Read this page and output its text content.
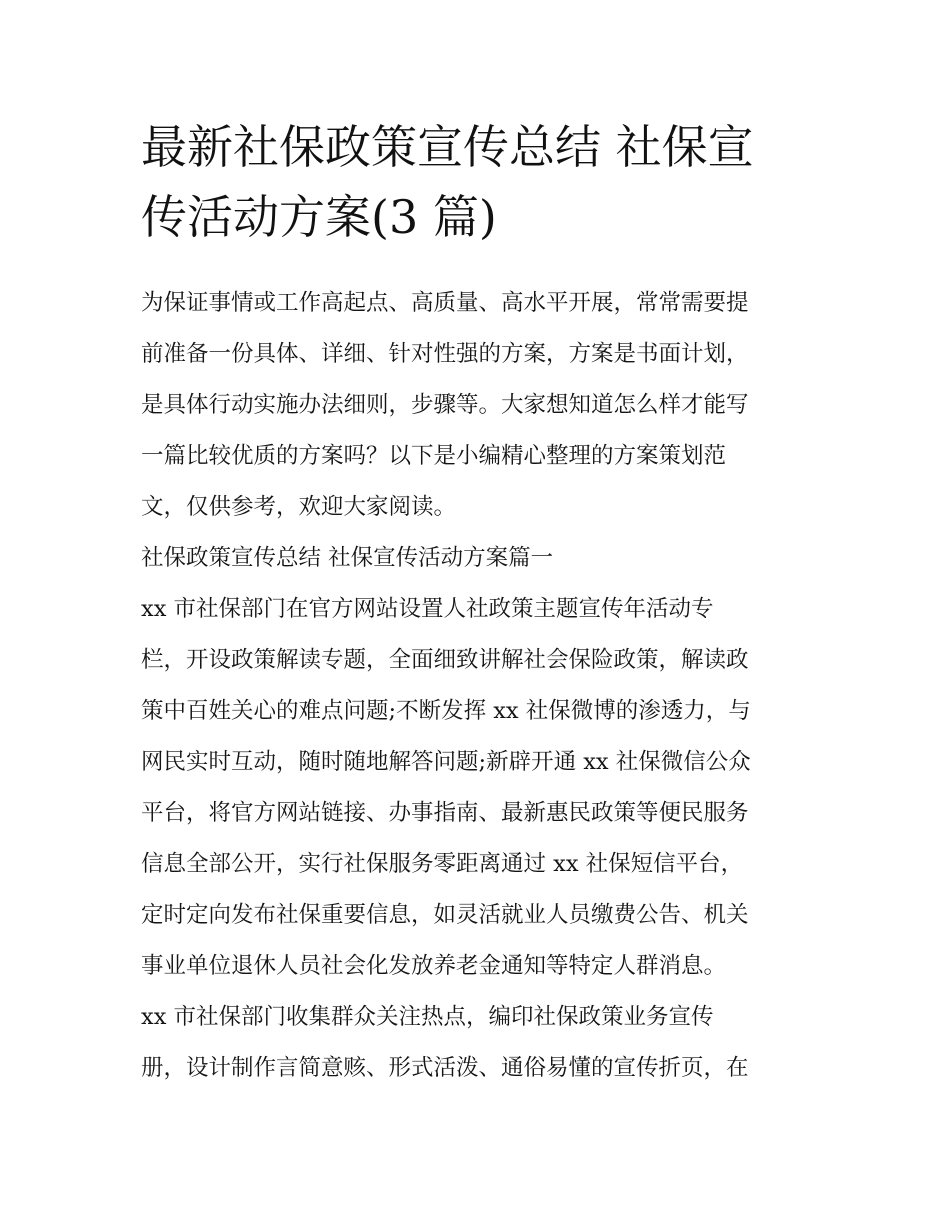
最新社保政策宣传总结 社保宣
传活动方案(3 篇)
为保证事情或工作高起点、高质量、高水平开展，常常需要提
前准备一份具体、详细、针对性强的方案，方案是书面计划，
是具体行动实施办法细则，步骤等。大家想知道怎么样才能写
一篇比较优质的方案吗？以下是小编精心整理的方案策划范
文，仅供参考，欢迎大家阅读。
社保政策宣传总结 社保宣传活动方案篇一
xx 市社保部门在官方网站设置人社政策主题宣传年活动专
栏，开设政策解读专题，全面细致讲解社会保险政策，解读政
策中百姓关心的难点问题;不断发挥 xx 社保微博的渗透力，与
网民实时互动，随时随地解答问题;新辟开通 xx 社保微信公众
平台，将官方网站链接、办事指南、最新惠民政策等便民服务
信息全部公开，实行社保服务零距离通过 xx 社保短信平台，
定时定向发布社保重要信息，如灵活就业人员缴费公告、机关
事业单位退休人员社会化发放养老金通知等特定人群消息。
xx 市社保部门收集群众关注热点，编印社保政策业务宣传
册，设计制作言简意赅、形式活泼、通俗易懂的宣传折页，在
